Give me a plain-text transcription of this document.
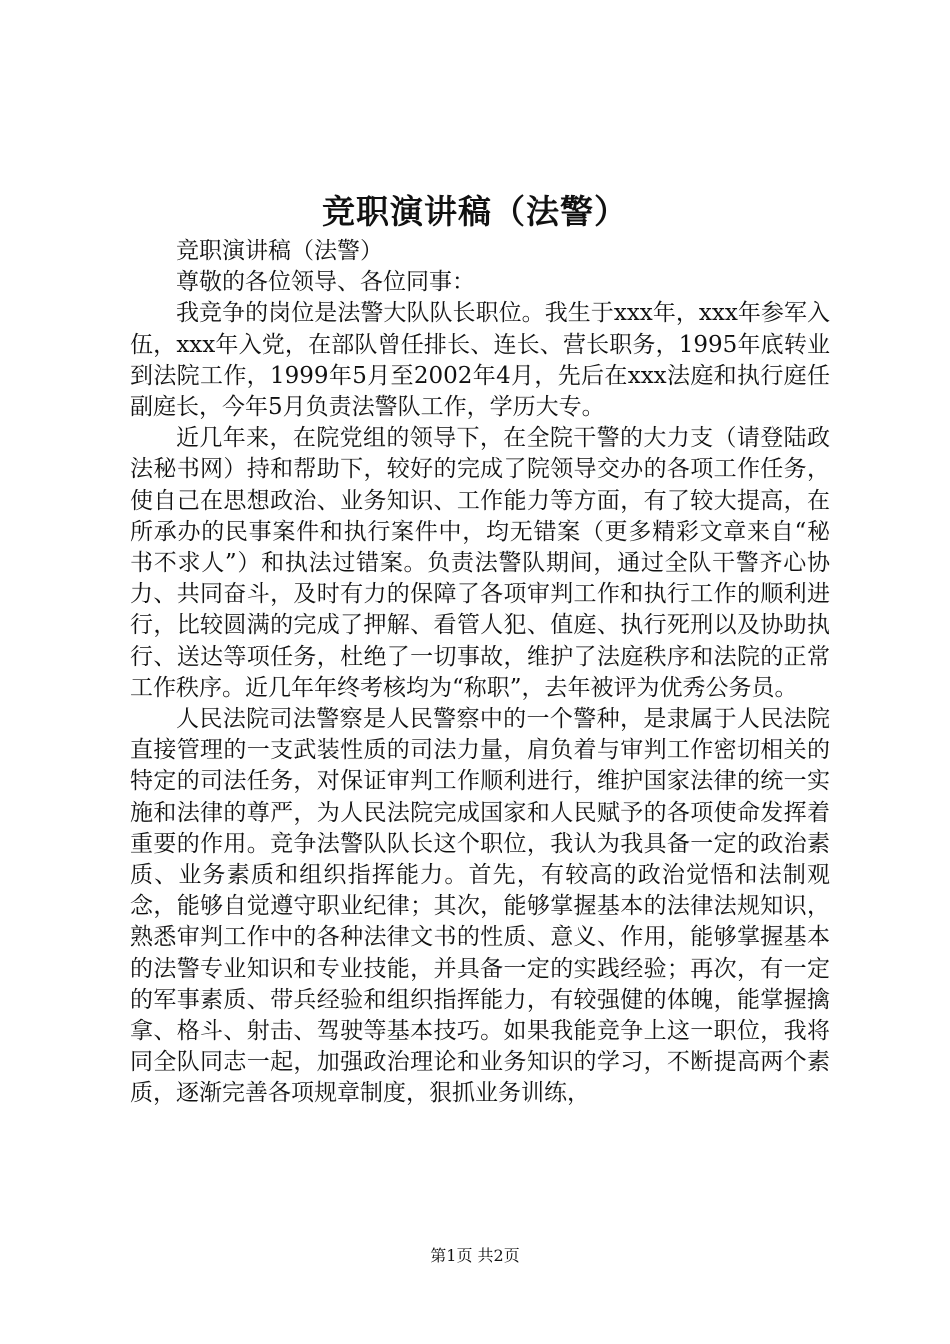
竞职演讲稿（法警）

竞职演讲稿（法警）

尊敬的各位领导、各位同事：

我竞争的岗位是法警大队队长职位。我生于xxx年，xxx年参军入伍，xxx年入党，在部队曾任排长、连长、营长职务，1995年底转业到法院工作，1999年5月至2002年4月，先后在xxx法庭和执行庭任副庭长，今年5月负责法警队工作，学历大专。

近几年来，在院党组的领导下，在全院干警的大力支（请登陆政法秘书网）持和帮助下，较好的完成了院领导交办的各项工作任务，使自己在思想政治、业务知识、工作能力等方面，有了较大提高，在所承办的民事案件和执行案件中，均无错案（更多精彩文章来自“秘书不求人”）和执法过错案。负责法警队期间，通过全队干警齐心协力、共同奋斗，及时有力的保障了各项审判工作和执行工作的顺利进行，比较圆满的完成了押解、看管人犯、值庭、执行死刑以及协助执行、送达等项任务，杜绝了一切事故，维护了法庭秩序和法院的正常工作秩序。近几年年终考核均为“称职”，去年被评为优秀公务员。

人民法院司法警察是人民警察中的一个警种，是隶属于人民法院直接管理的一支武装性质的司法力量，肩负着与审判工作密切相关的特定的司法任务，对保证审判工作顺利进行，维护国家法律的统一实施和法律的尊严，为人民法院完成国家和人民赋予的各项使命发挥着重要的作用。竞争法警队队长这个职位，我认为我具备一定的政治素质、业务素质和组织指挥能力。首先，有较高的政治觉悟和法制观念，能够自觉遵守职业纪律；其次，能够掌握基本的法律法规知识，熟悉审判工作中的各种法律文书的性质、意义、作用，能够掌握基本的法警专业知识和专业技能，并具备一定的实践经验；再次，有一定的军事素质、带兵经验和组织指挥能力，有较强健的体魄，能掌握擒拿、格斗、射击、驾驶等基本技巧。如果我能竞争上这一职位，我将同全队同志一起，加强政治理论和业务知识的学习，不断提高两个素质，逐渐完善各项规章制度，狠抓业务训练，

第1页 共2页
